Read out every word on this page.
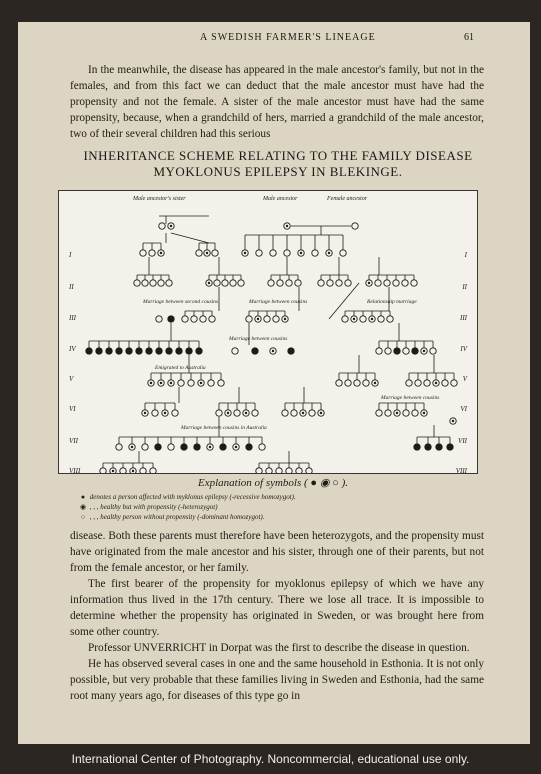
A SWEDISH FARMER'S LINEAGE	61

In the meanwhile, the disease has appeared in the male ancestor's family, but not in the females, and from this fact we can deduct that the male ancestor must have had the propensity and not the female. A sister of the male ancestor must have had the same propensity, because, when a grandchild of hers, married a grandchild of the male ancestor, two of their several children had this serious

INHERITANCE SCHEME RELATING TO THE FAMILY DISEASE
MYOKLONUS EPILEPSY IN BLEKINGE.
I	I
II	II
III	III
IV	IV
V	V
VI	VI
VII	VII
VIII	VIII
Male ancestor's sister	Male ancestor	Female ancestor
Marriage between second cousins	Marriage between cousins	Relationship marriage
Marriage between cousins
Emigrated to Australia
Marriage between cousins
Marriage between cousins in Australia
Explanation of symbols ( ● ◉ ○ ).
● denotes a person affected with myklonus epilepsy (-recessive homozygot).
◉ , , , healthy but with propensity (-heterozygot)
○ , , , healthy person without propensity (-dominant homozygot).

disease. Both these parents must therefore have been heterozygots, and the propensity must have originated from the male ancestor and his sister, through one of their parents, but not from the female ancestor, or her family.

The first bearer of the propensity for myoklonus epilepsy of which we have any information thus lived in the 17th century. There we lose all trace. It is impossible to determine whether the propensity has originated in Sweden, or was brought here from some other country.

Professor UNVERRICHT in Dorpat was the first to describe the disease in question.

He has observed several cases in one and the same household in Esthonia. It is not only possible, but very probable that these families living in Sweden and Esthonia, had the same root many years ago, for diseases of this type go in

International Center of Photography. Noncommercial, educational use only.
